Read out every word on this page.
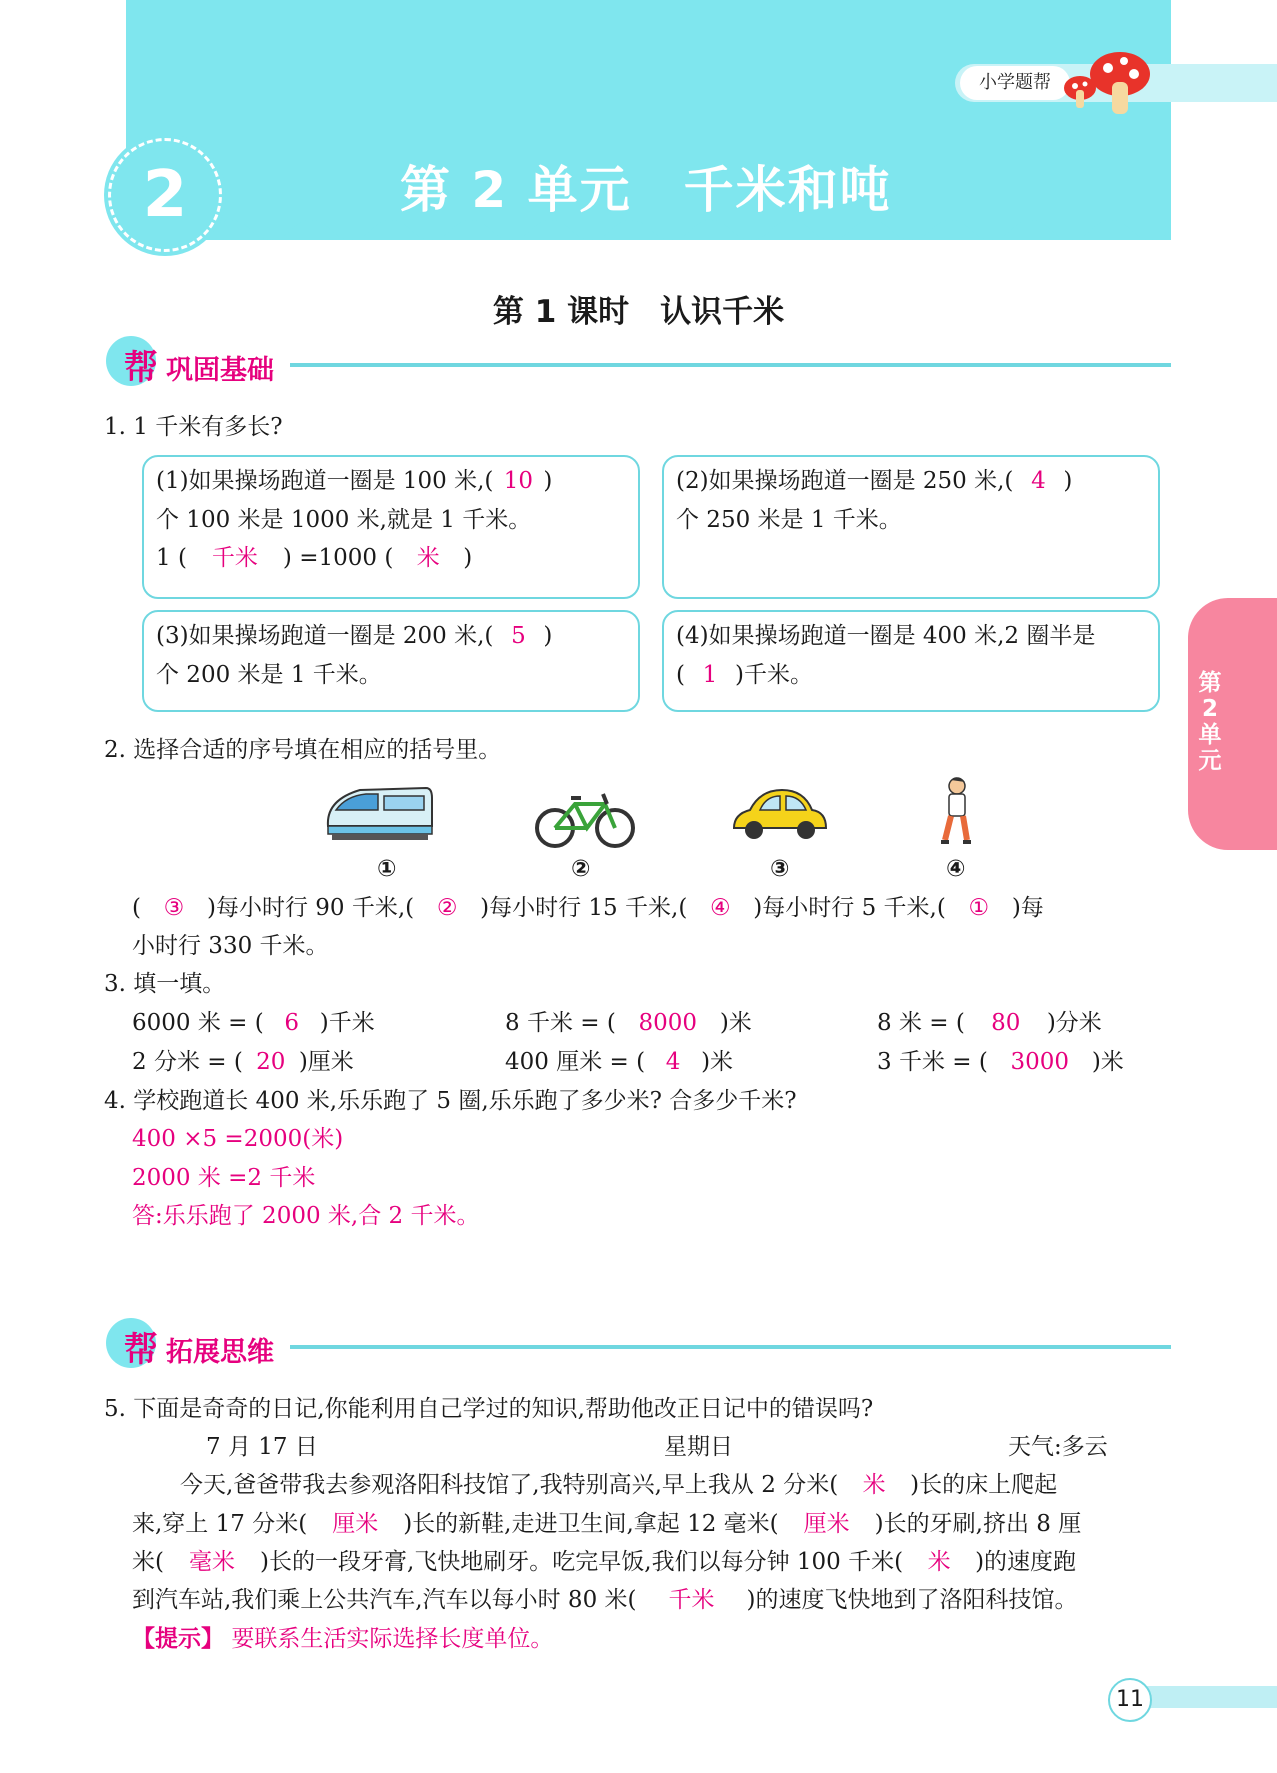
小学题帮
2	第 2 单元　千米和吨
第 1 课时　认识千米
帮 巩固基础
1. 1 千米有多长?
(1)如果操场跑道一圈是 100 米,( 10 )
个 100 米是 1000 米,就是 1 千米。
1 ( 千米 ) =1000 ( 米 )
(2)如果操场跑道一圈是 250 米,( 4 )
个 250 米是 1 千米。
(3)如果操场跑道一圈是 200 米,( 5 )
个 200 米是 1 千米。
(4)如果操场跑道一圈是 400 米,2 圈半是
( 1 )千米。
2. 选择合适的序号填在相应的括号里。
①	②	③	④
( ③ )每小时行 90 千米,( ② )每小时行 15 千米,( ④ )每小时行 5 千米,( ① )每
小时行 330 千米。
3. 填一填。
6000 米 = ( 6 )千米	8 千米 = ( 8000 )米	8 米 = ( 80 )分米
2 分米 = ( 20 )厘米	400 厘米 = ( 4 )米	3 千米 = ( 3000 )米
4. 学校跑道长 400 米,乐乐跑了 5 圈,乐乐跑了多少米? 合多少千米?
400 ×5 =2000(米)
2000 米 =2 千米
答:乐乐跑了 2000 米,合 2 千米。
帮 拓展思维
5. 下面是奇奇的日记,你能利用自己学过的知识,帮助他改正日记中的错误吗?
7 月 17 日	星期日	天气:多云
今天,爸爸带我去参观洛阳科技馆了,我特别高兴,早上我从 2 分米( 米 )长的床上爬起
来,穿上 17 分米( 厘米 )长的新鞋,走进卫生间,拿起 12 毫米( 厘米 )长的牙刷,挤出 8 厘
米( 毫米 )长的一段牙膏,飞快地刷牙。吃完早饭,我们以每分钟 100 千米( 米 )的速度跑
到汽车站,我们乘上公共汽车,汽车以每小时 80 米( 千米 )的速度飞快地到了洛阳科技馆。
【提示】 要联系生活实际选择长度单位。
第2单元
11
